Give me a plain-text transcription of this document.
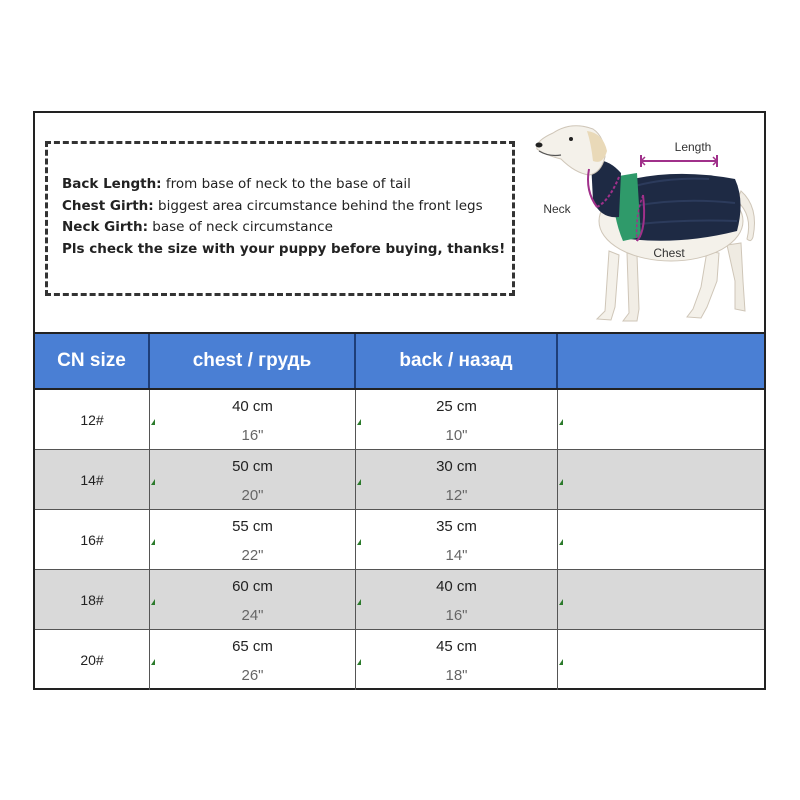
Back Length: from base of neck to the base of tail
Chest Girth: biggest area circumstance behind the front legs
Neck Girth: base of neck circumstance
Pls check the size with your puppy before buying, thanks!
Length
Neck
Chest
CN size	chest / грудь	back / назад
12#
40 cm
16"
25 cm
10"
14#
50 cm
20"
30 cm
12"
16#
55 cm
22"
35 cm
14"
18#
60 cm
24"
40 cm
16"
20#
65 cm
26"
45 cm
18"
